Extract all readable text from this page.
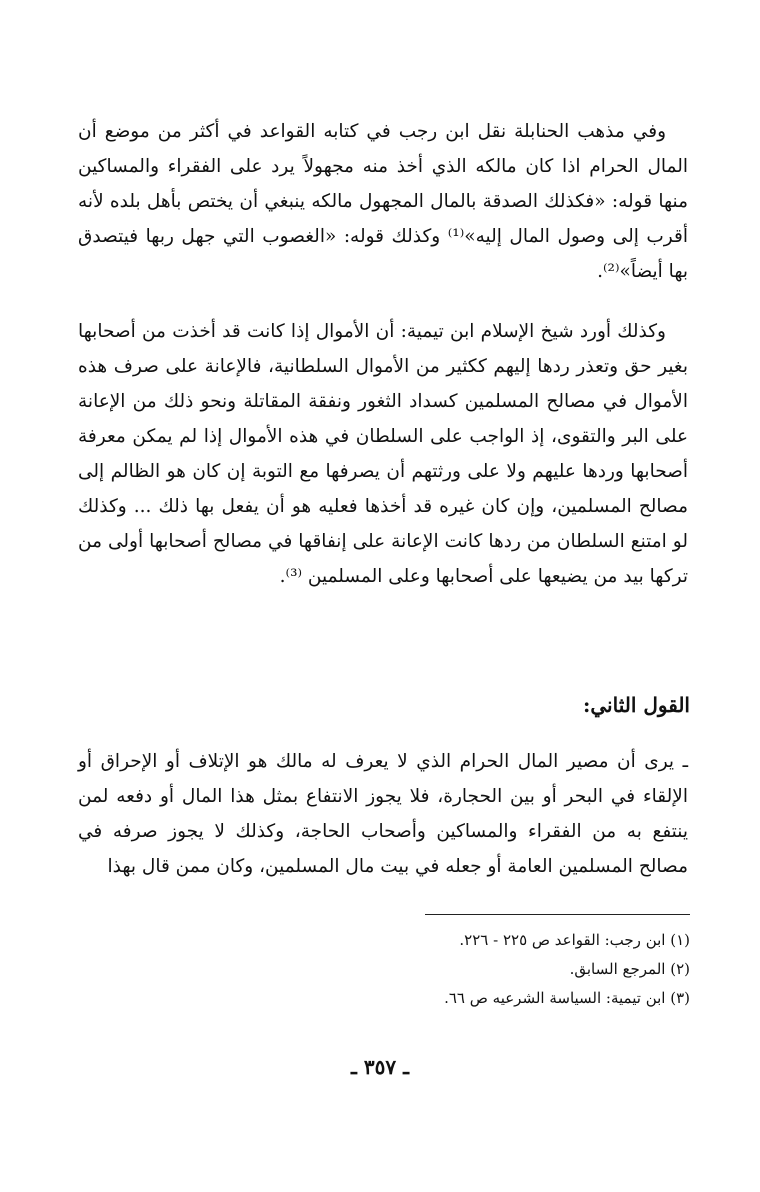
وفي مذهب الحنابلة نقل ابن رجب في كتابه القواعد في أكثر من موضع أن المال الحرام اذا كان مالكه الذي أخذ منه مجهولاً يرد على الفقراء والمساكين منها قوله: «فكذلك الصدقة بالمال المجهول مالكه ينبغي أن يختص بأهل بلده لأنه أقرب إلى وصول المال إليه»⁽¹⁾ وكذلك قوله: «الغصوب التي جهل ربها فيتصدق بها أيضاً»⁽²⁾.

وكذلك أورد شيخ الإسلام ابن تيمية: أن الأموال إذا كانت قد أخذت من أصحابها بغير حق وتعذر ردها إليهم ككثير من الأموال السلطانية، فالإعانة على صرف هذه الأموال في مصالح المسلمين كسداد الثغور ونفقة المقاتلة ونحو ذلك من الإعانة على البر والتقوى، إذ الواجب على السلطان في هذه الأموال إذا لم يمكن معرفة أصحابها وردها عليهم ولا على ورثتهم أن يصرفها مع التوبة إن كان هو الظالم إلى مصالح المسلمين، وإن كان غيره قد أخذها فعليه هو أن يفعل بها ذلك ... وكذلك لو امتنع السلطان من ردها كانت الإعانة على إنفاقها في مصالح أصحابها أولى من تركها بيد من يضيعها على أصحابها وعلى المسلمين ⁽³⁾.

القول الثاني:

ـ يرى أن مصير المال الحرام الذي لا يعرف له مالك هو الإتلاف أو الإحراق أو الإلقاء في البحر أو بين الحجارة، فلا يجوز الانتفاع بمثل هذا المال أو دفعه لمن ينتفع به من الفقراء والمساكين وأصحاب الحاجة، وكذلك لا يجوز صرفه في مصالح المسلمين العامة أو جعله في بيت مال المسلمين، وكان ممن قال بهذا

(١) ابن رجب: القواعد ص ٢٢٥ - ٢٢٦.
(٢) المرجع السابق.
(٣) ابن تيمية: السياسة الشرعيه ص ٦٦.
ـ ٣٥٧ ـ
